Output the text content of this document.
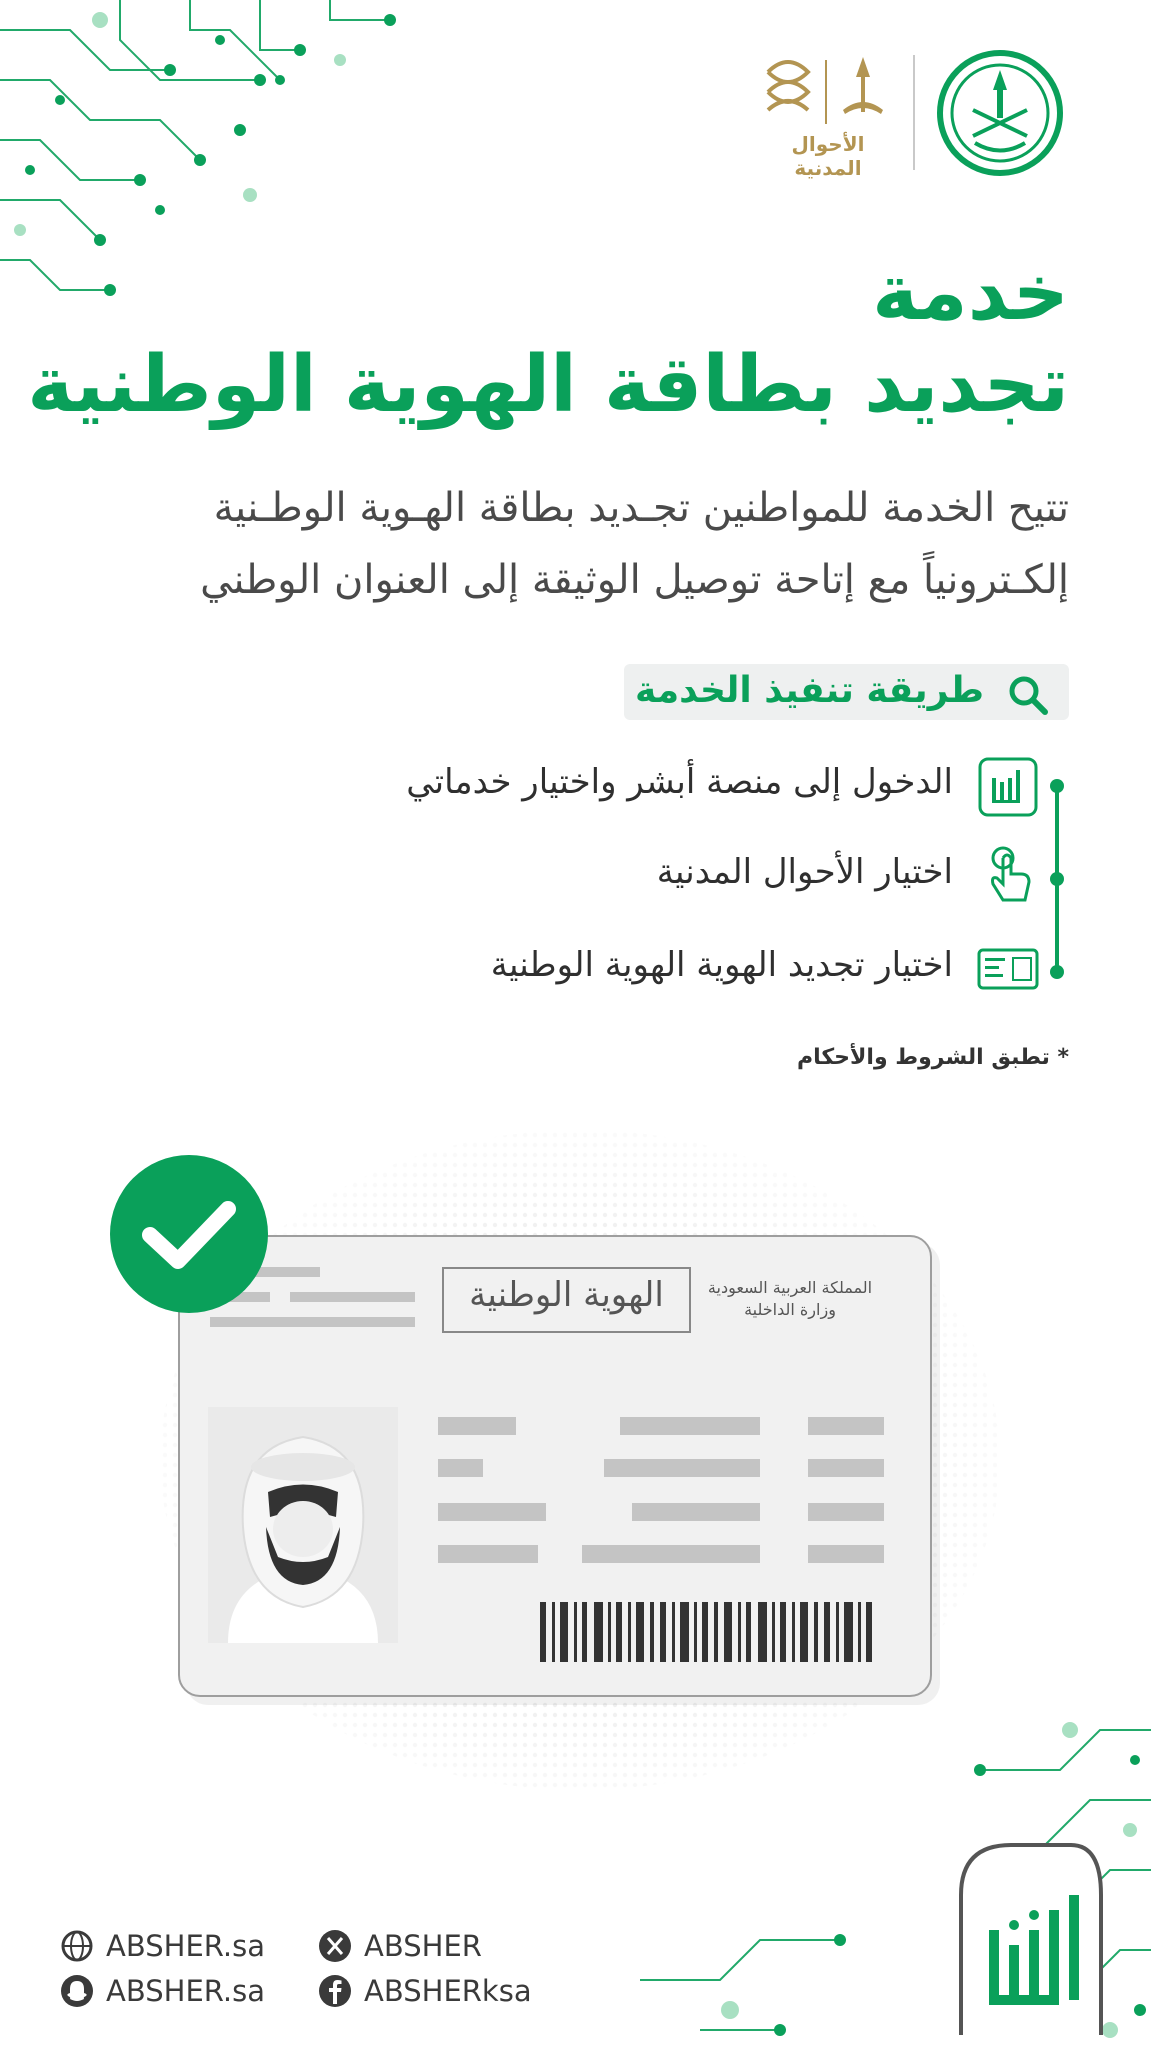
الأحوال المدنية
خدمة
تجديد بطاقة الهوية الوطنية
تتيح الخدمة للمواطنين تجـديد بطاقة الهـوية الوطـنية
إلكـترونياً مع إتاحة توصيل الوثيقة إلى العنوان الوطني
طريقة تنفيذ الخدمة
الدخول إلى منصة أبشر واختيار خدماتي
اختيار الأحوال المدنية
اختيار تجديد الهوية الهوية الوطنية
* تطبق الشروط والأحكام
الهوية الوطنية	المملكة العربية السعودية
وزارة الداخلية
ABSHER.sa
ABSHER.sa
ABSHER
ABSHERksa
